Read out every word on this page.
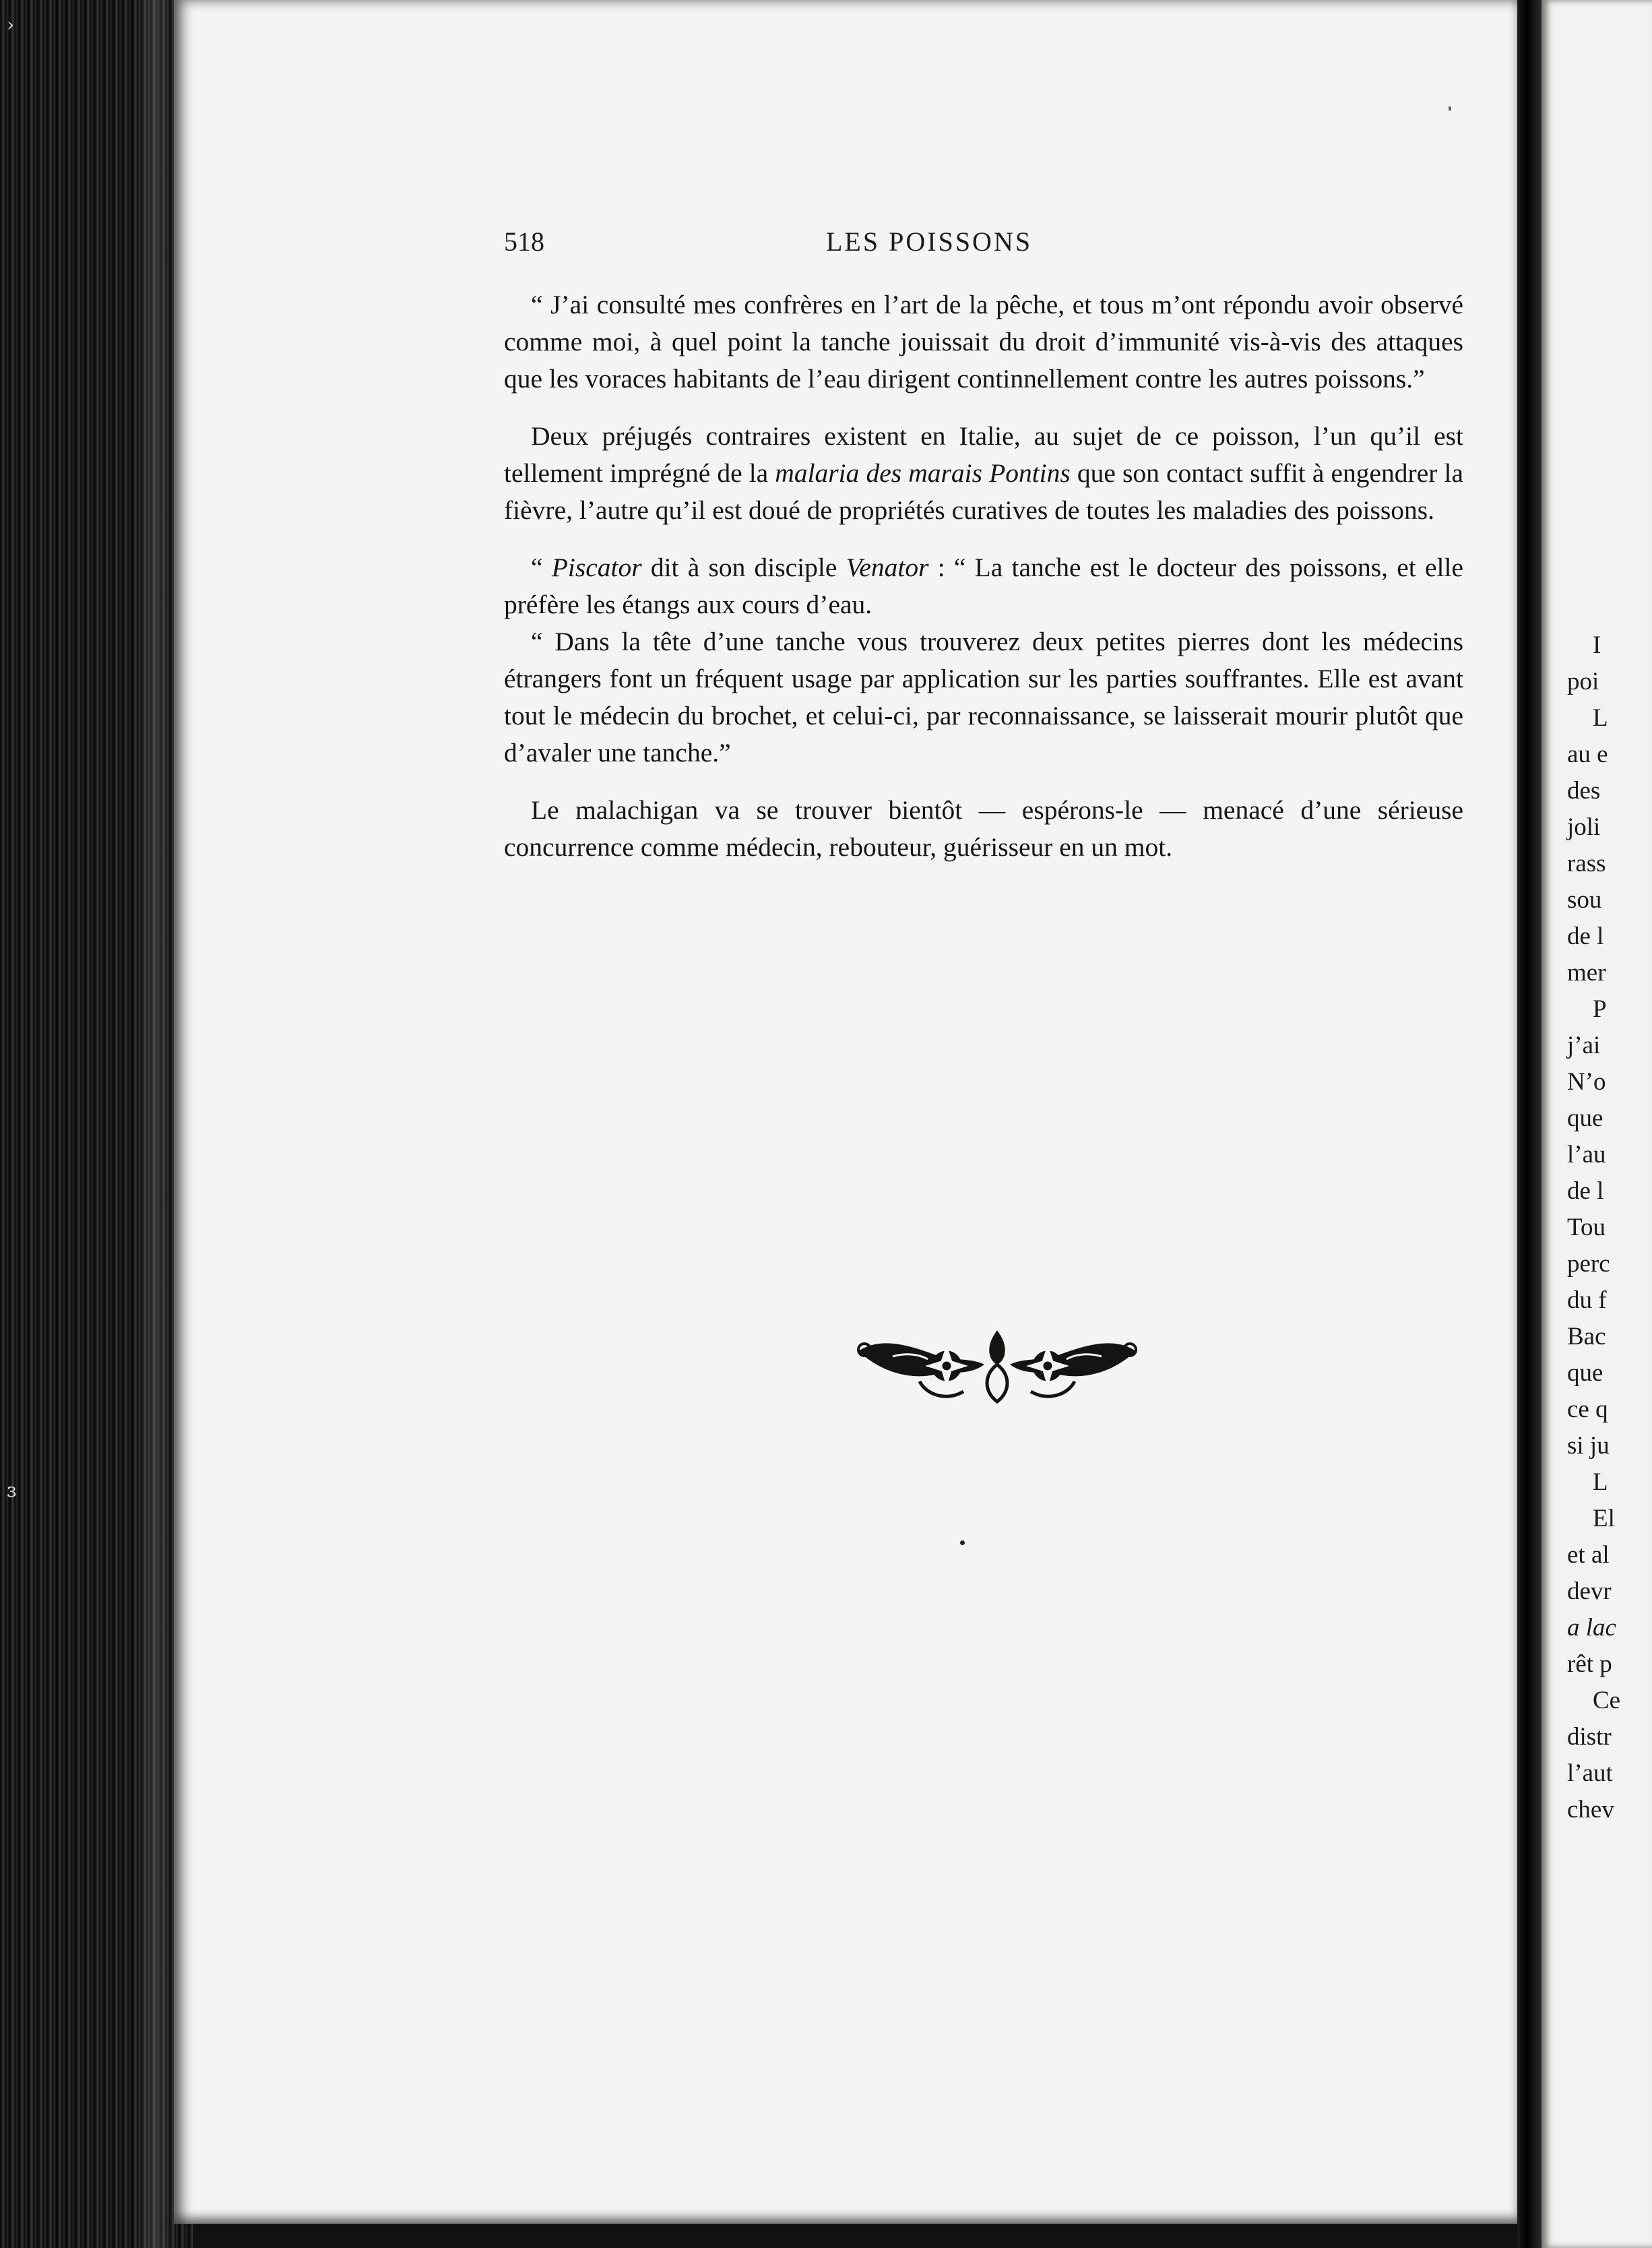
›
ɜ
518	LES POISSONS

“ J’ai consulté mes confrères en l’art de la pêche, et tous m’ont répondu avoir observé comme moi, à quel point la tanche jouissait du droit d’immunité vis-à-vis des attaques que les voraces habitants de l’eau dirigent continnellement contre les autres poissons.”

Deux préjugés contraires existent en Italie, au sujet de ce poisson, l’un qu’il est tellement imprégné de la malaria des marais Pontins que son contact suffit à engendrer la fièvre, l’autre qu’il est doué de propriétés curatives de toutes les maladies des poissons.

“ Piscator dit à son disciple Venator : “ La tanche est le docteur des poissons, et elle préfère les étangs aux cours d’eau.

“ Dans la tête d’une tanche vous trouverez deux petites pierres dont les médecins étrangers font un fréquent usage par application sur les parties souffrantes. Elle est avant tout le médecin du brochet, et celui-ci, par reconnaissance, se laisserait mourir plutôt que d’avaler une tanche.”

Le malachigan va se trouver bientôt — espérons-le — menacé d’une sérieuse concurrence comme médecin, rebouteur, guérisseur en un mot.

I
poi
L
au e
des
joli
rass
sou
de l
mer
P
j’ai
N’o
que
l’au
de l
Tou
perc
du f
Bac
que
ce q
si ju
L
El
et al
devr
a lac
rêt p
Ce
distr
l’aut
chev
